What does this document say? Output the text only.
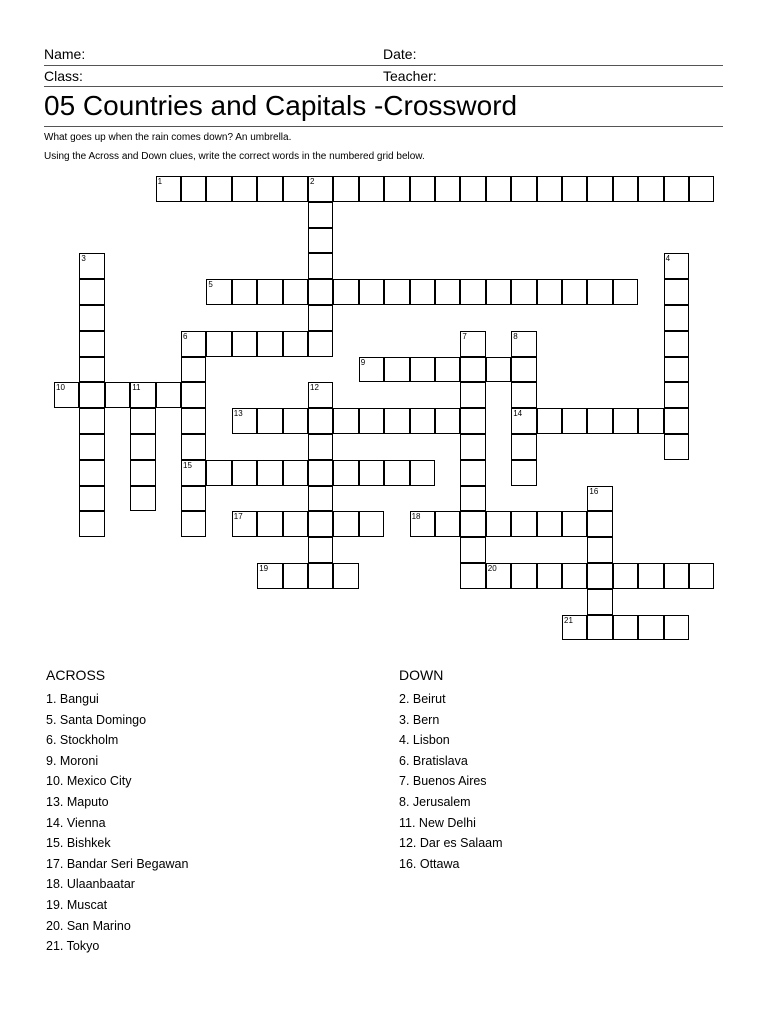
Name:	Date:
Class:	Teacher:
05 Countries and Capitals -Crossword
What goes up when the rain comes down? An umbrella.
Using the Across and Down clues, write the correct words in the numbered grid below.
1	2
3	4
5
6
15
7	8
14
9
10	11	12
13
16
17	18
19	20
21
ACROSS
1. Bangui
5. Santa Domingo
6. Stockholm
9. Moroni
10. Mexico City
13. Maputo
14. Vienna
15. Bishkek
17. Bandar Seri Begawan
18. Ulaanbaatar
19. Muscat
20. San Marino
21. Tokyo
DOWN
2. Beirut
3. Bern
4. Lisbon
6. Bratislava
7. Buenos Aires
8. Jerusalem
11. New Delhi
12. Dar es Salaam
16. Ottawa
